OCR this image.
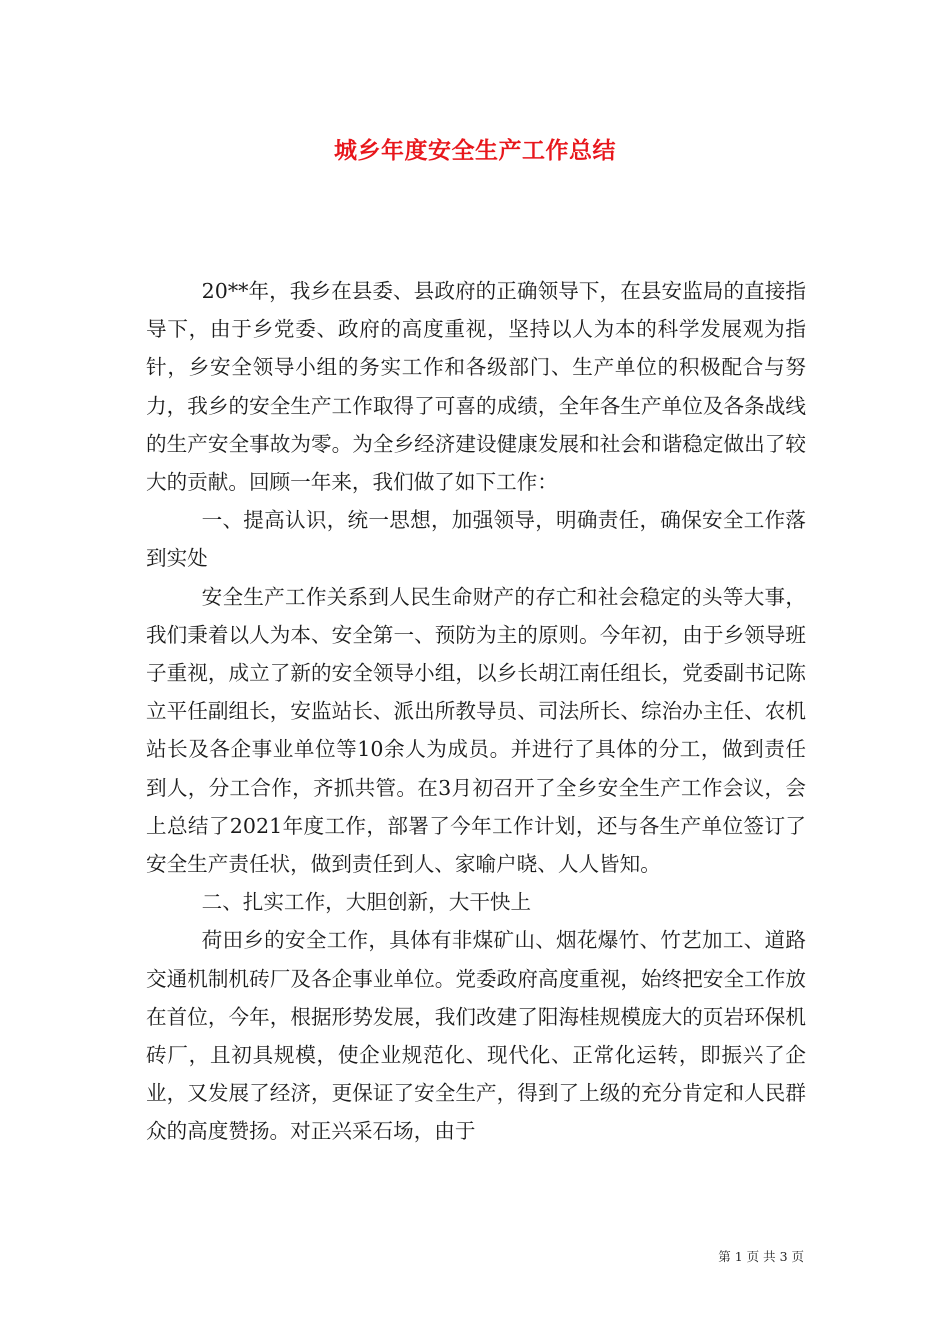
城乡年度安全生产工作总结

20**年，我乡在县委、县政府的正确领导下，在县安监局的直接指导下，由于乡党委、政府的高度重视，坚持以人为本的科学发展观为指针，乡安全领导小组的务实工作和各级部门、生产单位的积极配合与努力，我乡的安全生产工作取得了可喜的成绩，全年各生产单位及各条战线的生产安全事故为零。为全乡经济建设健康发展和社会和谐稳定做出了较大的贡献。回顾一年来，我们做了如下工作：

一、提高认识，统一思想，加强领导，明确责任，确保安全工作落到实处

安全生产工作关系到人民生命财产的存亡和社会稳定的头等大事，我们秉着以人为本、安全第一、预防为主的原则。今年初，由于乡领导班子重视，成立了新的安全领导小组，以乡长胡江南任组长，党委副书记陈立平任副组长，安监站长、派出所教导员、司法所长、综治办主任、农机站长及各企事业单位等10余人为成员。并进行了具体的分工，做到责任到人，分工合作，齐抓共管。在3月初召开了全乡安全生产工作会议，会上总结了2021年度工作，部署了今年工作计划，还与各生产单位签订了安全生产责任状，做到责任到人、家喻户晓、人人皆知。

二、扎实工作，大胆创新，大干快上

荷田乡的安全工作，具体有非煤矿山、烟花爆竹、竹艺加工、道路交通机制机砖厂及各企事业单位。党委政府高度重视，始终把安全工作放在首位，今年，根据形势发展，我们改建了阳海桂规模庞大的页岩环保机砖厂，且初具规模，使企业规范化、现代化、正常化运转，即振兴了企业，又发展了经济，更保证了安全生产，得到了上级的充分肯定和人民群众的高度赞扬。对正兴采石场，由于

第 1 页 共 3 页
